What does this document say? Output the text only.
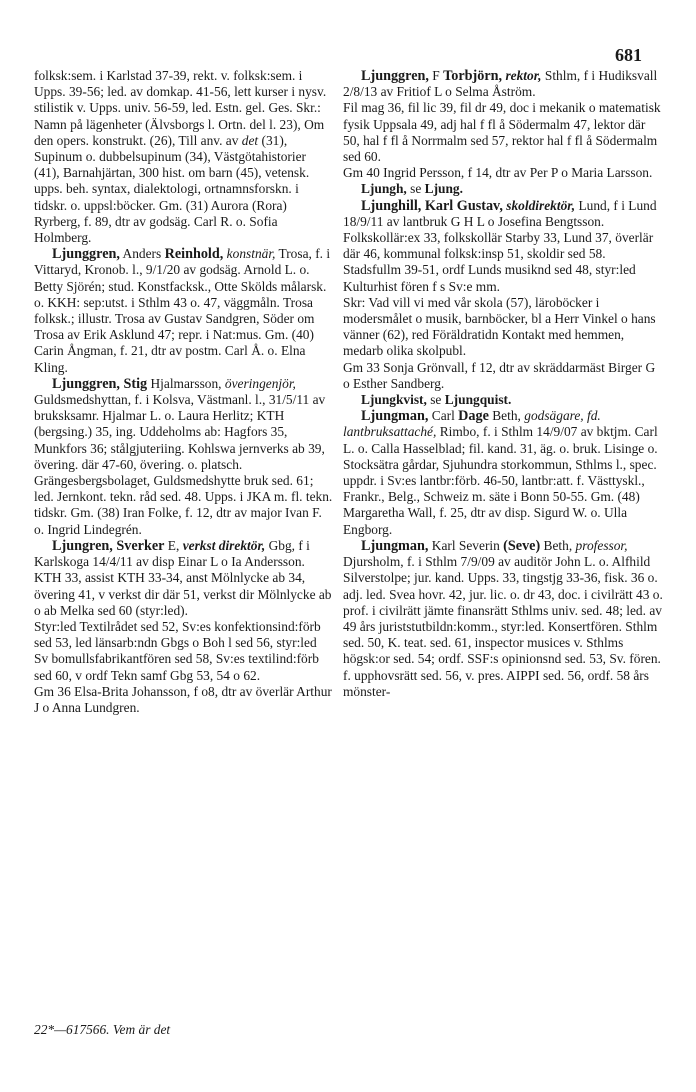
681

folksk:sem. i Karlstad 37-39, rekt. v. folksk:sem. i Upps. 39-56; led. av domkap. 41-56, lett kurser i nysv. stilistik v. Upps. univ. 56-59, led. Estn. gel. Ges. Skr.: Namn på lägenheter (Älvsborgs l. Ortn. del l. 23), Om den opers. konstrukt. (26), Till anv. av det (31), Supinum o. dubbelsupinum (34), Västgötahistorier (41), Barnahjärtan, 300 hist. om barn (45), vetensk. upps. beh. syntax, dialektologi, ortnamnsforskn. i tidskr. o. uppsl:böcker. Gm. (31) Aurora (Rora) Ryrberg, f. 89, dtr av godsäg. Carl R. o. Sofia Holmberg.

Ljunggren, Anders Reinhold, konstnär, Trosa, f. i Vittaryd, Kronob. l., 9/1/20 av godsäg. Arnold L. o. Betty Sjörén; stud. Konstfacksk., Otte Skölds målarsk. o. KKH: sep:utst. i Sthlm 43 o. 47, väggmåln. Trosa folksk.; illustr. Trosa av Gustav Sandgren, Söder om Trosa av Erik Asklund 47; repr. i Nat:mus. Gm. (40) Carin Ångman, f. 21, dtr av postm. Carl Å. o. Elna Kling.

Ljunggren, Stig Hjalmarsson, överingenjör, Guldsmedshyttan, f. i Kolsva, Västmanl. l., 31/5/11 av bruksksamr. Hjalmar L. o. Laura Herlitz; KTH (bergsing.) 35, ing. Uddeholms ab: Hagfors 35, Munkfors 36; stålgjuteriing. Kohlswa jernverks ab 39, övering. där 47-60, övering. o. platsch. Grängesbergsbolaget, Guldsmedshytte bruk sed. 61; led. Jernkont. tekn. råd sed. 48. Upps. i JKA m. fl. tekn. tidskr. Gm. (38) Iran Folke, f. 12, dtr av major Ivan F. o. Ingrid Lindegrén.

Ljungren, Sverker E, verkst direktör, Gbg, f i Karlskoga 14/4/11 av disp Einar L o Ia Andersson.

KTH 33, assist KTH 33-34, anst Mölnlycke ab 34, övering 41, v verkst dir där 51, verkst dir Mölnlycke ab o ab Melka sed 60 (styr:led).

Styr:led Textilrådet sed 52, Sv:es konfektionsind:förb sed 53, led länsarb:ndn Gbgs o Boh l sed 56, styr:led Sv bomullsfabrikantfören sed 58, Sv:es textilind:förb sed 60, v ordf Tekn samf Gbg 53, 54 o 62.

Gm 36 Elsa-Brita Johansson, f o8, dtr av överlär Arthur J o Anna Lundgren.

Ljunggren, F Torbjörn, rektor, Sthlm, f i Hudiksvall 2/8/13 av Fritiof L o Selma Åström.

Fil mag 36, fil lic 39, fil dr 49, doc i mekanik o matematisk fysik Uppsala 49, adj hal f fl å Södermalm 47, lektor där 50, hal f fl å Norrmalm sed 57, rektor hal f fl å Södermalm sed 60.

Gm 40 Ingrid Persson, f 14, dtr av Per P o Maria Larsson.

Ljungh, se Ljung.

Ljunghill, Karl Gustav, skoldirektör, Lund, f i Lund 18/9/11 av lantbruk G H L o Josefina Bengtsson.

Folkskollär:ex 33, folkskollär Starby 33, Lund 37, överlär där 46, kommunal folksk:insp 51, skoldir sed 58.

Stadsfullm 39-51, ordf Lunds musiknd sed 48, styr:led Kulturhist fören f s Sv:e mm.

Skr: Vad vill vi med vår skola (57), läroböcker i modersmålet o musik, barnböcker, bl a Herr Vinkel o hans vänner (62), red Föräldratidn Kontakt med hemmen, medarb olika skolpubl.

Gm 33 Sonja Grönvall, f 12, dtr av skräddarmäst Birger G o Esther Sandberg.

Ljungkvist, se Ljungquist.

Ljungman, Carl Dage Beth, godsägare, fd. lantbruksattaché, Rimbo, f. i Sthlm 14/9/07 av bktjm. Carl L. o. Calla Hasselblad; fil. kand. 31, äg. o. bruk. Lisinge o. Stocksätra gårdar, Sjuhundra storkommun, Sthlms l., spec. uppdr. i Sv:es lantbr:förb. 46-50, lantbr:att. f. Västtyskl., Frankr., Belg., Schweiz m. säte i Bonn 50-55. Gm. (48) Margaretha Wall, f. 25, dtr av disp. Sigurd W. o. Ulla Engborg.

Ljungman, Karl Severin (Seve) Beth, professor, Djursholm, f. i Sthlm 7/9/09 av auditör John L. o. Alfhild Silverstolpe; jur. kand. Upps. 33, tingstjg 33-36, fisk. 36 o. adj. led. Svea hovr. 42, jur. lic. o. dr 43, doc. i civilrätt 43 o. prof. i civilrätt jämte finansrätt Sthlms univ. sed. 48; led. av 49 års juriststutbildn:komm., styr:led. Konsertfören. Sthlm sed. 50, K. teat. sed. 61, inspector musices v. Sthlms högsk:or sed. 54; ordf. SSF:s opinionsnd sed. 53, Sv. fören. f. upphovsrätt sed. 56, v. pres. AIPPI sed. 56, ordf. 58 års mönster-

22*—617566. Vem är det
